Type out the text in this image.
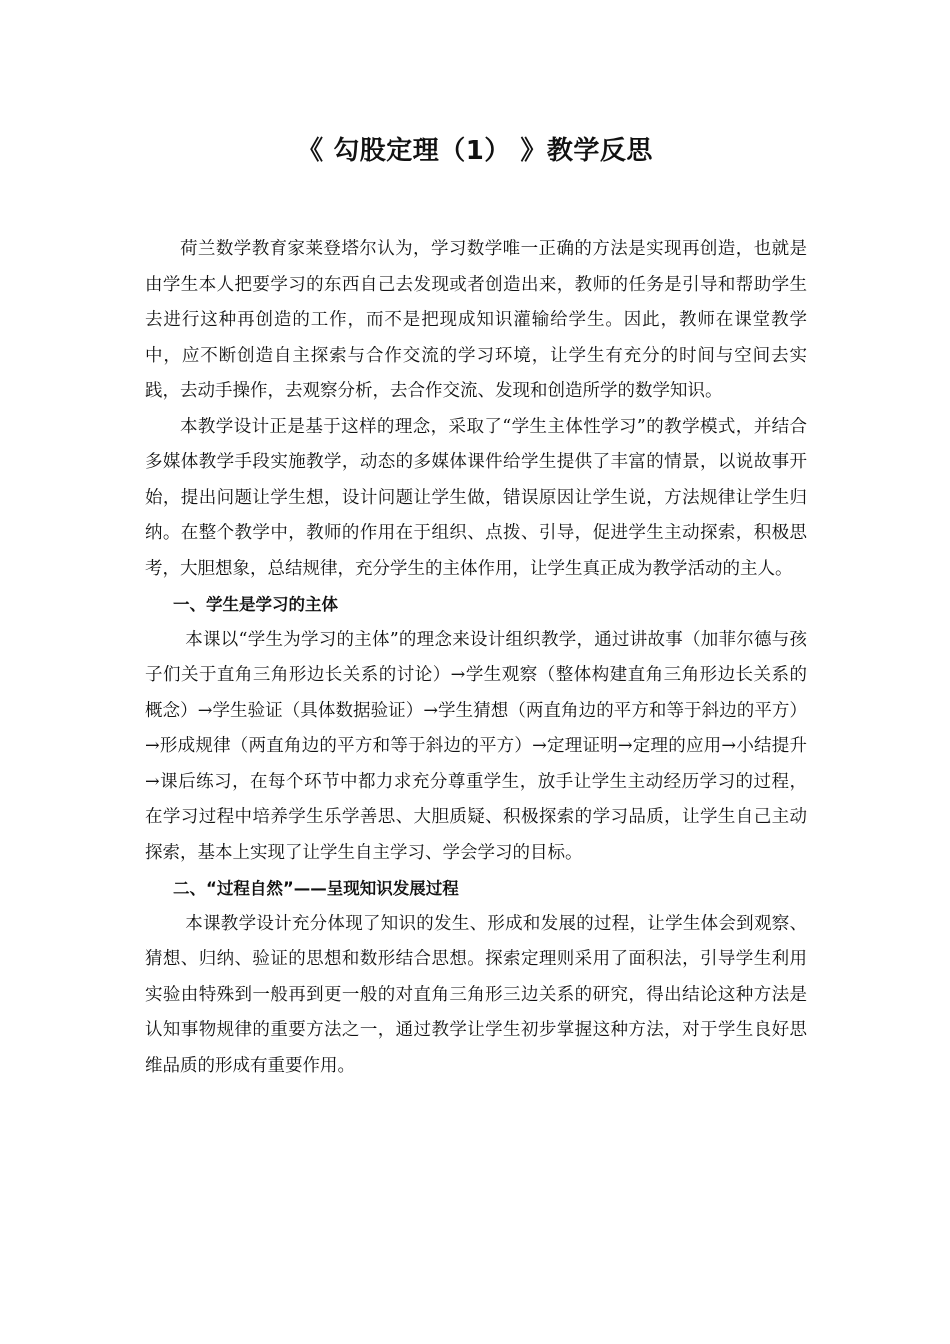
《 勾股定理（1） 》教学反思

荷兰数学教育家莱登塔尔认为，学习数学唯一正确的方法是实现再创造，也就是由学生本人把要学习的东西自己去发现或者创造出来，教师的任务是引导和帮助学生去进行这种再创造的工作，而不是把现成知识灌输给学生。因此，教师在课堂教学中，应不断创造自主探索与合作交流的学习环境，让学生有充分的时间与空间去实践，去动手操作，去观察分析，去合作交流、发现和创造所学的数学知识。

本教学设计正是基于这样的理念，采取了“学生主体性学习”的教学模式，并结合多媒体教学手段实施教学，动态的多媒体课件给学生提供了丰富的情景，以说故事开始，提出问题让学生想，设计问题让学生做，错误原因让学生说，方法规律让学生归纳。在整个教学中，教师的作用在于组织、点拨、引导，促进学生主动探索，积极思考，大胆想象，总结规律，充分学生的主体作用，让学生真正成为教学活动的主人。

一、学生是学习的主体

本课以“学生为学习的主体”的理念来设计组织教学，通过讲故事（加菲尔德与孩子们关于直角三角形边长关系的讨论）→学生观察（整体构建直角三角形边长关系的概念）→学生验证（具体数据验证）→学生猜想（两直角边的平方和等于斜边的平方）→形成规律（两直角边的平方和等于斜边的平方）→定理证明→定理的应用→小结提升→课后练习，在每个环节中都力求充分尊重学生，放手让学生主动经历学习的过程，在学习过程中培养学生乐学善思、大胆质疑、积极探索的学习品质，让学生自己主动探索，基本上实现了让学生自主学习、学会学习的目标。

二、“过程自然”——呈现知识发展过程

本课教学设计充分体现了知识的发生、形成和发展的过程，让学生体会到观察、猜想、归纳、验证的思想和数形结合思想。探索定理则采用了面积法，引导学生利用实验由特殊到一般再到更一般的对直角三角形三边关系的研究，得出结论这种方法是认知事物规律的重要方法之一，通过教学让学生初步掌握这种方法，对于学生良好思维品质的形成有重要作用。
